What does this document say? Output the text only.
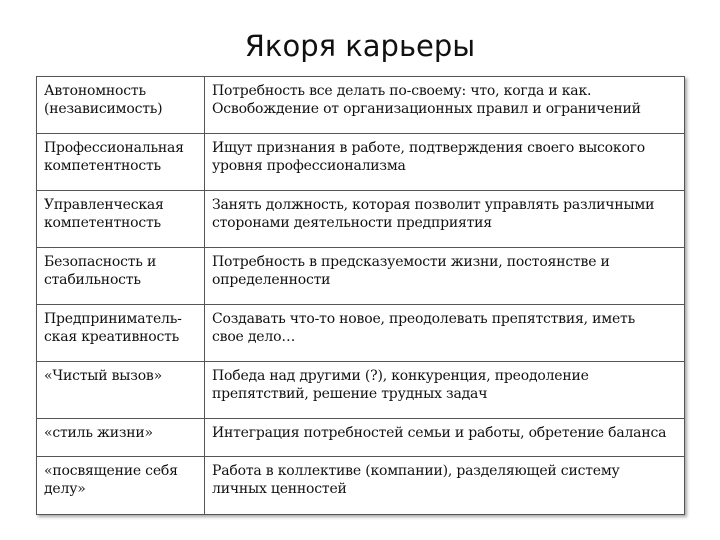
Якоря карьеры
Автономность
(независимость)	Потребность все делать по-своему: что, когда и как.
Освобождение от организационных правил и ограничений

Профессиональная
компетентность	Ищут признания в работе, подтверждения своего высокого
уровня профессионализма

Управленческая
компетентность	Занять должность, которая позволит управлять различными
сторонами деятельности предприятия

Безопасность и
стабильность	Потребность в предсказуемости жизни, постоянстве и
определенности

Предприниматель-
ская креативность	Создавать что-то новое, преодолевать препятствия, иметь
свое дело…

«Чистый вызов»	Победа над другими (?), конкуренция, преодоление
препятствий, решение трудных задач

«стиль жизни»	Интеграция потребностей семьи и работы, обретение баланса

«посвящение себя
делу»	Работа в коллективе (компании), разделяющей систему
личных ценностей
